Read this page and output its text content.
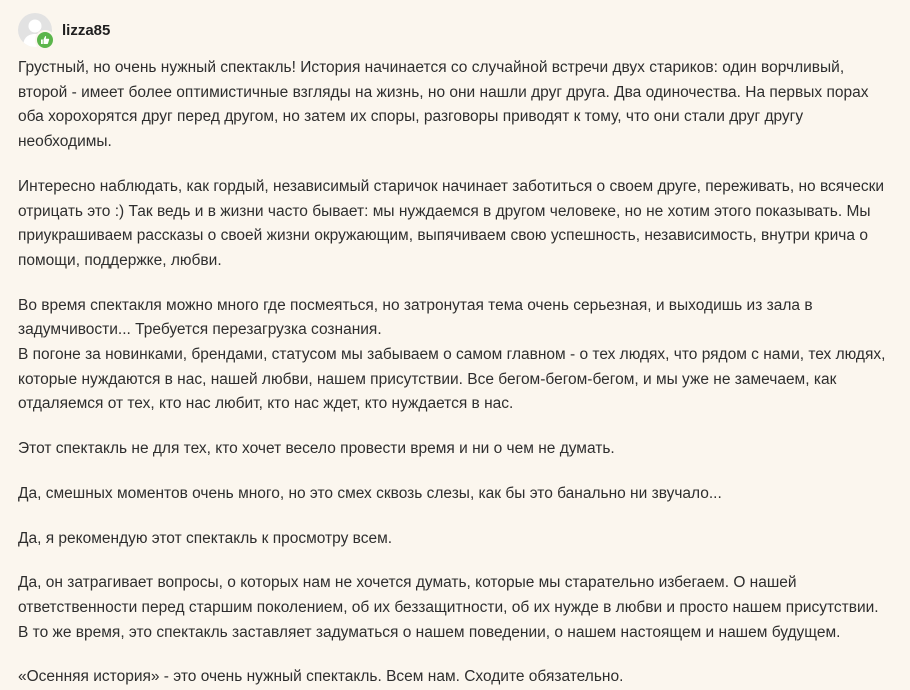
lizza85

Грустный, но очень нужный спектакль! История начинается со случайной встречи двух стариков: один ворчливый, второй - имеет более оптимистичные взгляды на жизнь, но они нашли друг друга. Два одиночества. На первых порах оба хорохорятся друг перед другом, но затем их споры, разговоры приводят к тому, что они стали друг другу необходимы.

Интересно наблюдать, как гордый, независимый старичок начинает заботиться о своем друге, переживать, но всячески отрицать это :) Так ведь и в жизни часто бывает: мы нуждаемся в другом человеке, но не хотим этого показывать. Мы приукрашиваем рассказы о своей жизни окружающим, выпячиваем свою успешность, независимость, внутри крича о помощи, поддержке, любви.

Во время спектакля можно много где посмеяться, но затронутая тема очень серьезная, и выходишь из зала в задумчивости... Требуется перезагрузка сознания.
В погоне за новинками, брендами, статусом мы забываем о самом главном - о тех людях, что рядом с нами, тех людях, которые нуждаются в нас, нашей любви, нашем присутствии. Все бегом-бегом-бегом, и мы уже не замечаем, как отдаляемся от тех, кто нас любит, кто нас ждет, кто нуждается в нас.

Этот спектакль не для тех, кто хочет весело провести время и ни о чем не думать.

Да, смешных моментов очень много, но это смех сквозь слезы, как бы это банально ни звучало...

Да, я рекомендую этот спектакль к просмотру всем.

Да, он затрагивает вопросы, о которых нам не хочется думать, которые мы старательно избегаем. О нашей ответственности перед старшим поколением, об их беззащитности, об их нужде в любви и просто нашем присутствии. В то же время, это спектакль заставляет задуматься о нашем поведении, о нашем настоящем и нашем будущем.

«Осенняя история» - это очень нужный спектакль. Всем нам. Сходите обязательно.
